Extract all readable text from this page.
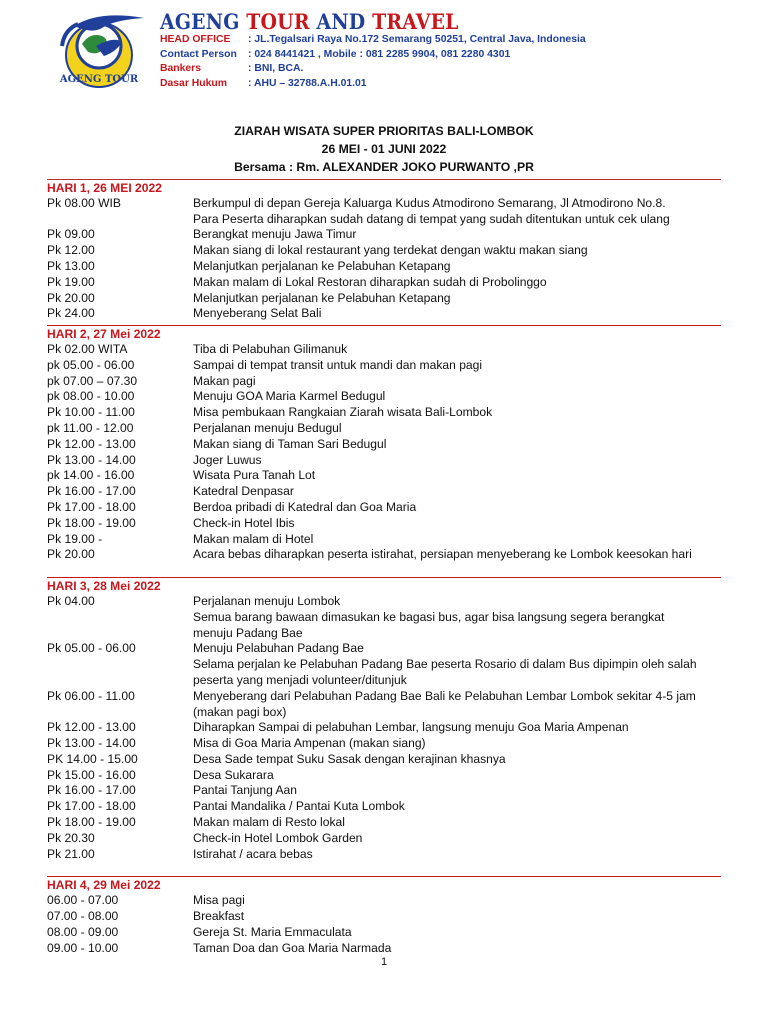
AGENG TOUR
AGENG TOUR AND TRAVEL
HEAD OFFICE	: JL.Tegalsari Raya No.172 Semarang 50251, Central Java, Indonesia
Contact Person	: 024 8441421 , Mobile : 081 2285 9904, 081 2280 4301
Bankers	: BNI, BCA.
Dasar Hukum	: AHU – 32788.A.H.01.01
ZIARAH WISATA SUPER PRIORITAS BALI-LOMBOK
26 MEI - 01 JUNI 2022
Bersama : Rm. ALEXANDER JOKO PURWANTO ,PR
HARI 1, 26 MEI 2022
Pk 08.00 WIB	Berkumpul di depan Gereja Kaluarga Kudus Atmodirono Semarang, Jl Atmodirono No.8.
Para Peserta diharapkan sudah datang di tempat yang sudah ditentukan untuk cek ulang
Pk 09.00	Berangkat menuju Jawa Timur
Pk 12.00	Makan siang di lokal restaurant yang terdekat dengan waktu makan siang
Pk 13.00	Melanjutkan perjalanan ke Pelabuhan Ketapang
Pk 19.00	Makan malam di Lokal Restoran diharapkan sudah di Probolinggo
Pk 20.00	Melanjutkan perjalanan ke Pelabuhan Ketapang
Pk 24.00	Menyeberang Selat Bali
HARI 2, 27 Mei 2022
Pk 02.00 WITA	Tiba di Pelabuhan Gilimanuk
pk 05.00 - 06.00	Sampai di tempat transit untuk mandi dan makan pagi
pk 07.00 – 07.30	Makan pagi
pk 08.00 - 10.00	Menuju GOA Maria Karmel Bedugul
Pk 10.00 - 11.00	Misa pembukaan Rangkaian Ziarah wisata Bali-Lombok
pk 11.00 - 12.00	Perjalanan menuju Bedugul
Pk 12.00 - 13.00	Makan siang di Taman Sari Bedugul
Pk 13.00 - 14.00	Joger Luwus
pk 14.00 - 16.00	Wisata Pura Tanah Lot
Pk 16.00 - 17.00	Katedral Denpasar
Pk 17.00 - 18.00	Berdoa pribadi di Katedral dan Goa Maria
Pk 18.00 - 19.00	Check-in Hotel Ibis
Pk 19.00 -	Makan malam di Hotel
Pk 20.00	Acara bebas diharapkan peserta istirahat, persiapan menyeberang ke Lombok keesokan hari
HARI 3, 28 Mei 2022
Pk 04.00	Perjalanan menuju Lombok
Semua barang bawaan dimasukan ke bagasi bus, agar bisa langsung segera berangkat
menuju Padang Bae
Pk 05.00 - 06.00	Menuju Pelabuhan Padang Bae
Selama perjalan ke Pelabuhan Padang Bae peserta Rosario di dalam Bus dipimpin oleh salah
peserta yang menjadi volunteer/ditunjuk
Pk 06.00 - 11.00	Menyeberang dari Pelabuhan Padang Bae Bali ke Pelabuhan Lembar Lombok sekitar 4-5 jam
(makan pagi box)
Pk 12.00 - 13.00	Diharapkan Sampai di pelabuhan Lembar, langsung menuju Goa Maria Ampenan
Pk 13.00 - 14.00	Misa di Goa Maria Ampenan (makan siang)
PK 14.00 - 15.00	Desa Sade tempat Suku Sasak dengan kerajinan khasnya
Pk 15.00 - 16.00	Desa Sukarara
Pk 16.00 - 17.00	Pantai Tanjung Aan
Pk 17.00 - 18.00	Pantai Mandalika / Pantai Kuta Lombok
Pk 18.00 - 19.00	Makan malam di Resto lokal
Pk 20.30	Check-in Hotel Lombok Garden
Pk 21.00	Istirahat / acara bebas
HARI 4, 29 Mei 2022
06.00 - 07.00	Misa pagi
07.00 - 08.00	Breakfast
08.00 - 09.00	Gereja St. Maria Emmaculata
09.00 - 10.00	Taman Doa dan Goa Maria Narmada
1
